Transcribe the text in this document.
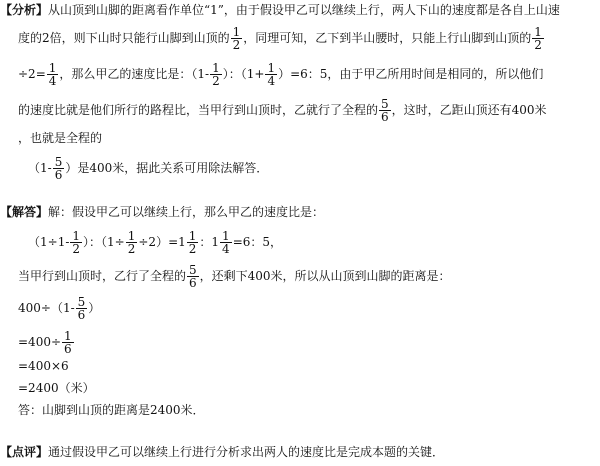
【分析】从山顶到山脚的距离看作单位“1”，由于假设甲乙可以继续上行，两人下山的速度都是各自上山速
度的2倍，则下山时只能行山脚到山顶的 $\frac{1}{2}$ ，同理可知，乙下到半山腰时，只能上行山脚到山顶的 $\frac{1}{2}$
$\div 2= \frac{1}{4}$ ，那么甲乙的速度比是：（$1- \frac{1}{2}$ ）：$(1+ \frac{1}{4} )=6$：5，由于甲乙所用时间是相同的，所以他们
的速度比就是他们所行的路程比，当甲行到山顶时，乙就行了全程的 $\frac{5}{6}$ ，这时，乙距山顶还有400米
，也就是全程的
（$1- \frac{5}{6}$ ）是400米，据此关系可用除法解答．
【解答】解：假设甲乙可以继续上行，那么甲乙的速度比是：
（$1\div 1- \frac{1}{2}$ ）：$(1\div \frac{1}{2} \div 2)=1 \frac{1}{2}$ ：$1 \frac{1}{4} =6$：5，
当甲行到山顶时，乙行了全程的 $\frac{5}{6}$ ，还剩下400米，所以从山顶到山脚的距离是：
$400\div(1- \frac{5}{6}$ ）
$=400\div \frac{1}{6}$
=400×6
=2400（米）
答：山脚到山顶的距离是2400米．
【点评】通过假设甲乙可以继续上行进行分析求出两人的速度比是完成本题的关键．
